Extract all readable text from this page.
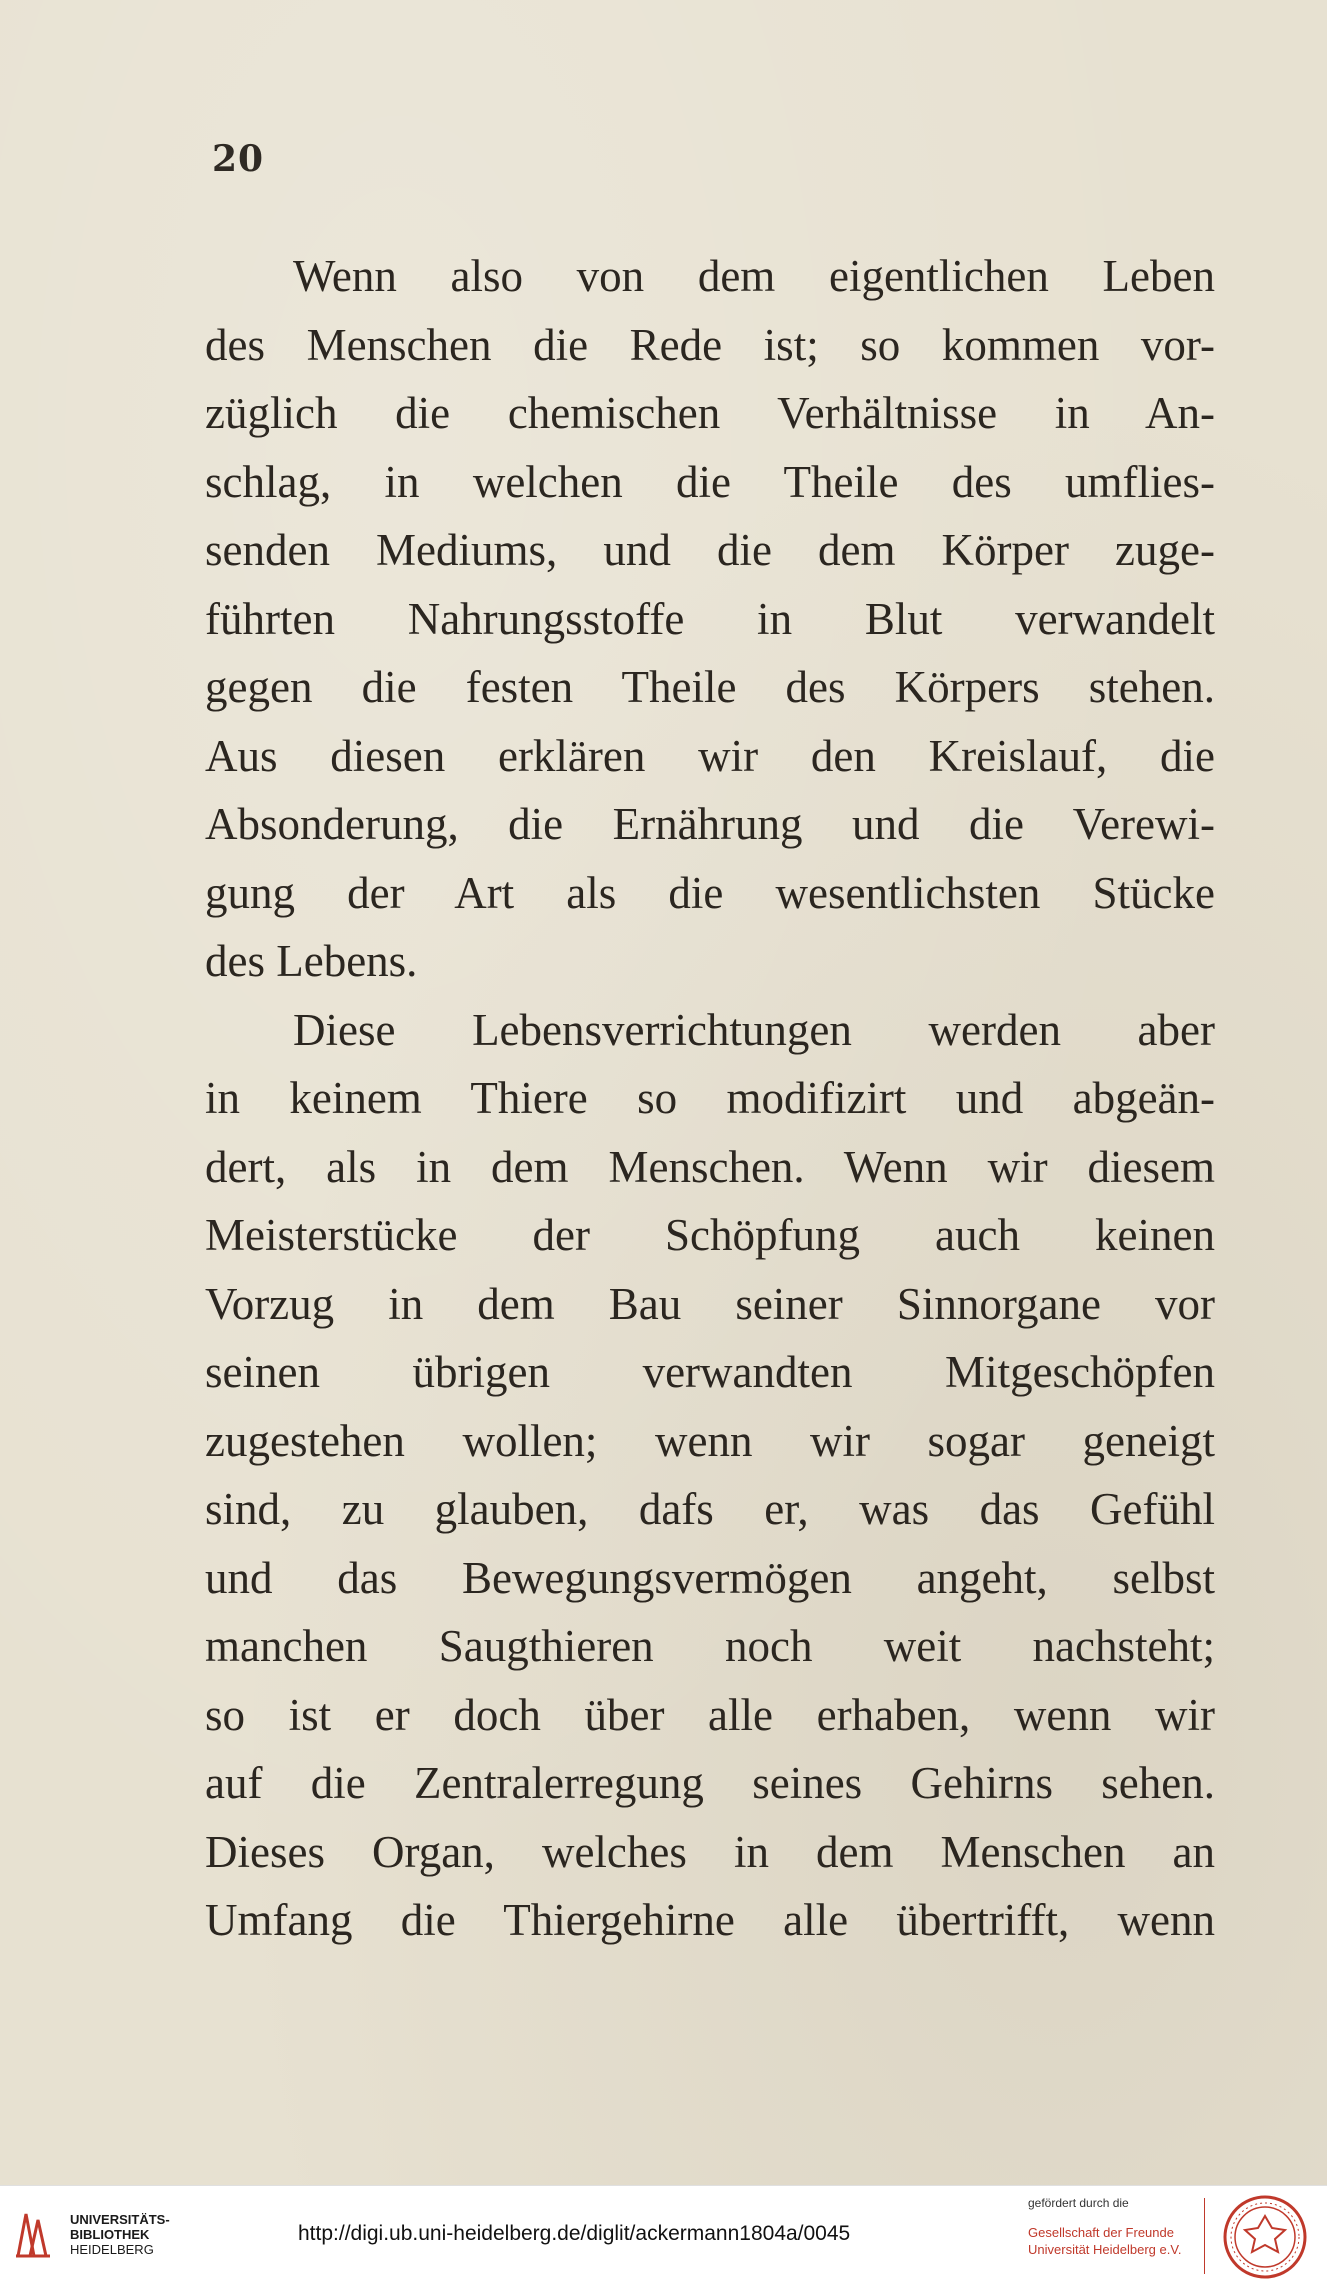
20
Wenn also von dem eigentlichen Leben
des Menschen die Rede ist; so kommen vor-
züglich die chemischen Verhältnisse in An-
schlag, in welchen die Theile des umflies-
senden Mediums, und die dem Körper zuge-
führten Nahrungsstoffe in Blut verwandelt
gegen die festen Theile des Körpers stehen.
Aus diesen erklären wir den Kreislauf, die
Absonderung, die Ernährung und die Verewi-
gung der Art als die wesentlichsten Stücke
des Lebens.
Diese Lebensverrichtungen werden aber
in keinem Thiere so modifizirt und abgeän-
dert, als in dem Menschen. Wenn wir diesem
Meisterstücke der Schöpfung auch keinen
Vorzug in dem Bau seiner Sinnorgane vor
seinen übrigen verwandten Mitgeschöpfen
zugestehen wollen; wenn wir sogar geneigt
sind, zu glauben, dafs er, was das Gefühl
und das Bewegungsvermögen angeht, selbst
manchen Saugthieren noch weit nachsteht;
so ist er doch über alle erhaben, wenn wir
auf die Zentralerregung seines Gehirns sehen.
Dieses Organ, welches in dem Menschen an
Umfang die Thiergehirne alle übertrifft, wenn
UNIVERSITÄTS-
BIBLIOTHEK
HEIDELBERG
http://digi.ub.uni-heidelberg.de/diglit/ackermann1804a/0045
gefördert durch die
Gesellschaft der Freunde
Universität Heidelberg e.V.
